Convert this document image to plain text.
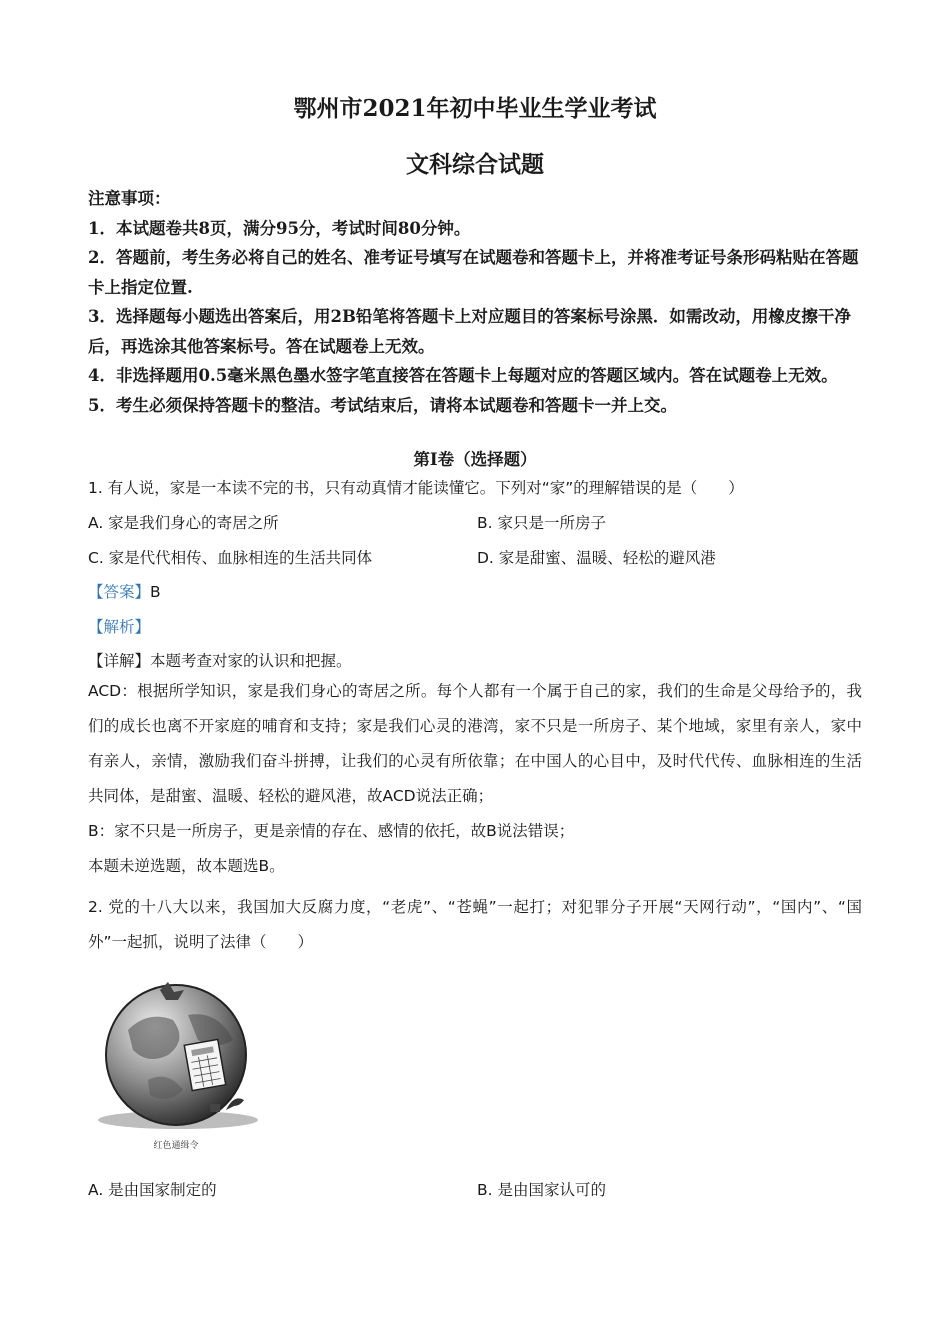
鄂州市2021年初中毕业生学业考试
文科综合试题

注意事项：

1．本试题卷共8页，满分95分，考试时间80分钟。

2．答题前，考生务必将自己的姓名、准考证号填写在试题卷和答题卡上，并将准考证号条形码粘贴在答题卡上指定位置.

3．选择题每小题选出答案后，用2B铅笔将答题卡上对应题目的答案标号涂黑．如需改动，用橡皮擦干净后，再选涂其他答案标号。答在试题卷上无效。

4．非选择题用0.5毫米黑色墨水签字笔直接答在答题卡上每题对应的答题区域内。答在试题卷上无效。

5．考生必须保持答题卡的整洁。考试结束后，请将本试题卷和答题卡一并上交。

第Ⅰ卷（选择题）
1. 有人说，家是一本读不完的书，只有动真情才能读懂它。下列对“家”的理解错误的是（　　）
A. 家是我们身心的寄居之所	B. 家只是一所房子
C. 家是代代相传、血脉相连的生活共同体	D. 家是甜蜜、温暖、轻松的避风港
【答案】B
【解析】
【详解】本题考查对家的认识和把握。

ACD：根据所学知识，家是我们身心的寄居之所。每个人都有一个属于自己的家，我们的生命是父母给予的，我们的成长也离不开家庭的哺育和支持；家是我们心灵的港湾，家不只是一所房子、某个地域，家里有亲人，家中有亲人，亲情，激励我们奋斗拼搏，让我们的心灵有所依靠；在中国人的心目中，及时代代传、血脉相连的生活共同体，是甜蜜、温暖、轻松的避风港，故ACD说法正确；

B：家不只是一所房子，更是亲情的存在、感情的依托，故B说法错误；

本题未逆选题，故本题选B。

2. 党的十八大以来，我国加大反腐力度，“老虎”、“苍蝇”一起打；对犯罪分子开展“天网行动”，“国内”、“国外”一起抓，说明了法律（　　）
红色通缉令
A. 是由国家制定的	B. 是由国家认可的
